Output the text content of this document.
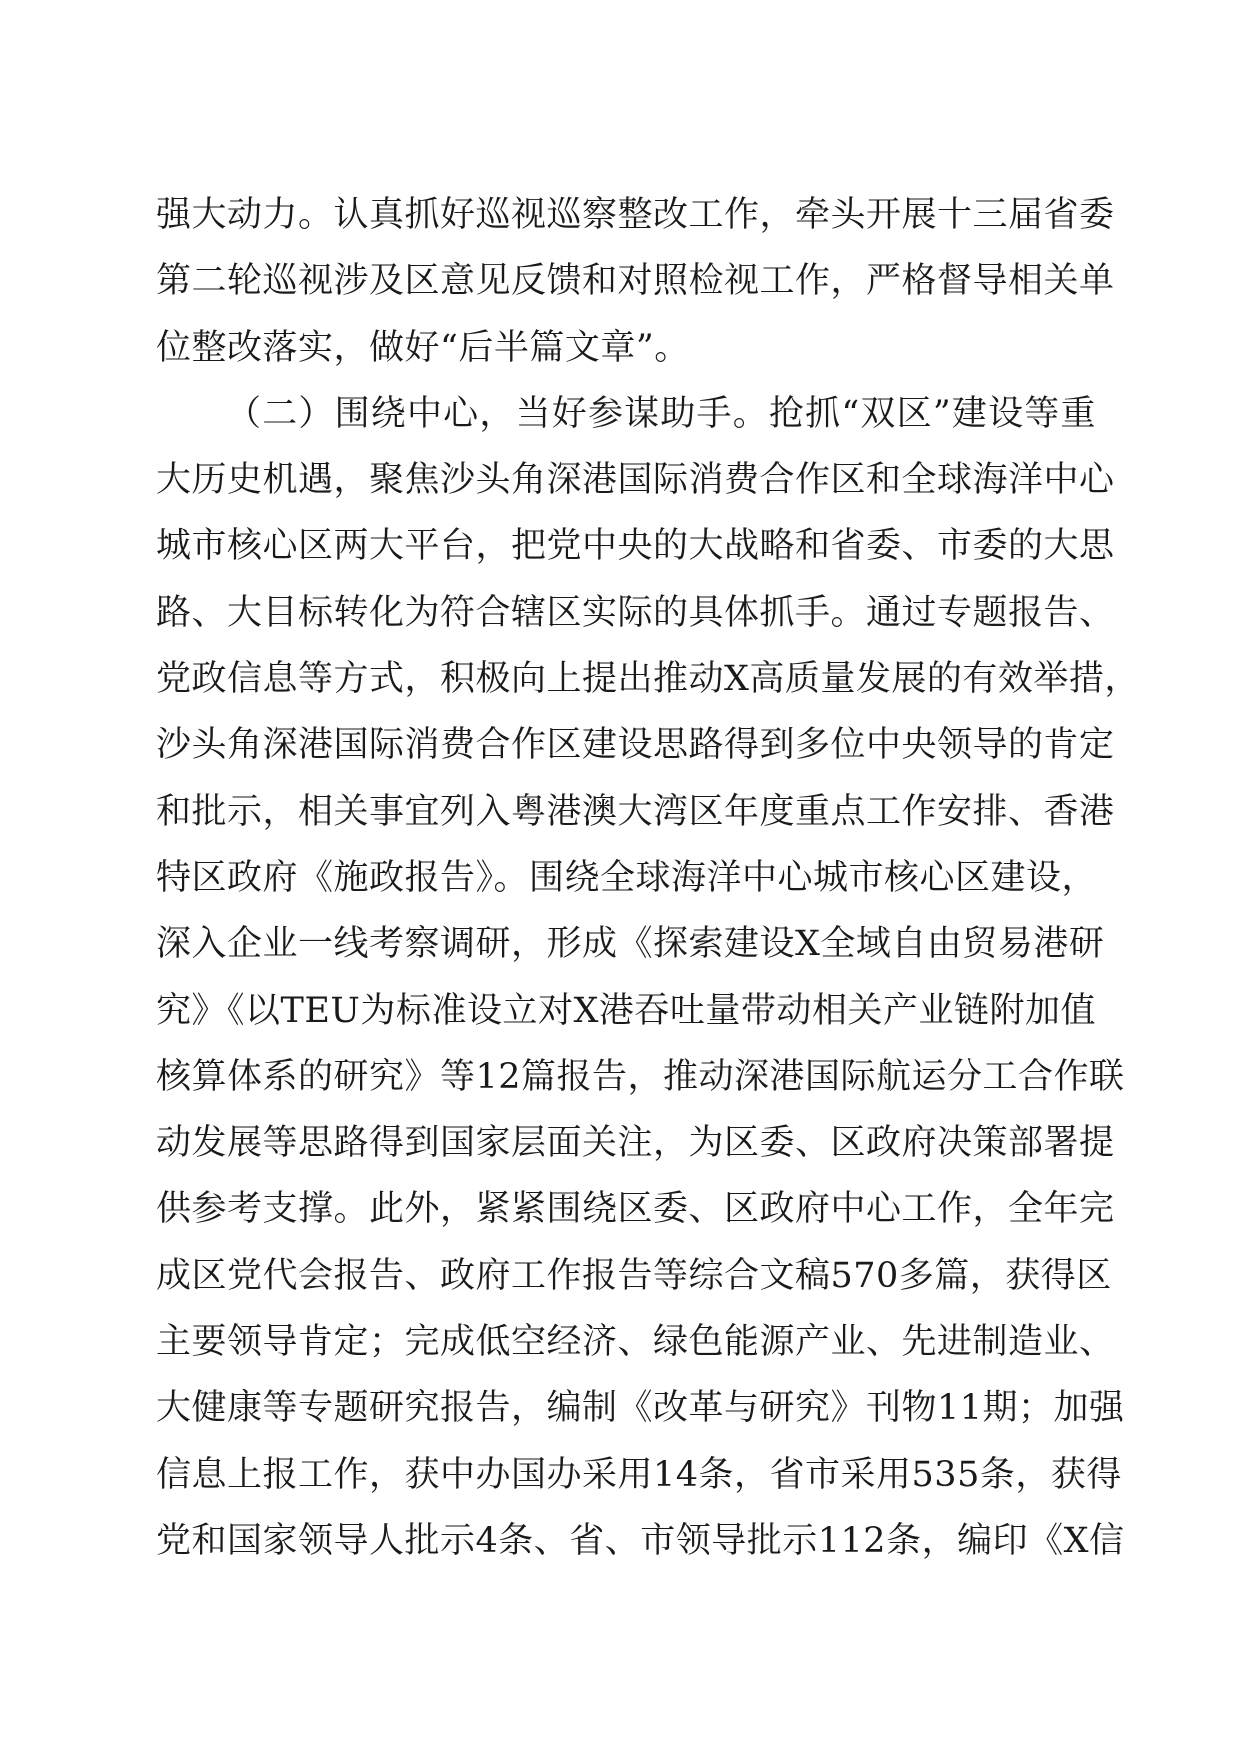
强大动力。认真抓好巡视巡察整改工作，牵头开展十三届省委
第二轮巡视涉及区意见反馈和对照检视工作，严格督导相关单
位整改落实，做好“后半篇文章”。
（二）围绕中心，当好参谋助手。抢抓“双区”建设等重
大历史机遇，聚焦沙头角深港国际消费合作区和全球海洋中心
城市核心区两大平台，把党中央的大战略和省委、市委的大思
路、大目标转化为符合辖区实际的具体抓手。通过专题报告、
党政信息等方式，积极向上提出推动X高质量发展的有效举措，
沙头角深港国际消费合作区建设思路得到多位中央领导的肯定
和批示，相关事宜列入粤港澳大湾区年度重点工作安排、香港
特区政府《施政报告》。围绕全球海洋中心城市核心区建设，
深入企业一线考察调研，形成《探索建设X全域自由贸易港研
究》《以TEU为标准设立对X港吞吐量带动相关产业链附加值
核算体系的研究》等12篇报告，推动深港国际航运分工合作联
动发展等思路得到国家层面关注，为区委、区政府决策部署提
供参考支撑。此外，紧紧围绕区委、区政府中心工作，全年完
成区党代会报告、政府工作报告等综合文稿570多篇，获得区
主要领导肯定；完成低空经济、绿色能源产业、先进制造业、
大健康等专题研究报告，编制《改革与研究》刊物11期；加强
信息上报工作，获中办国办采用14条，省市采用535条，获得
党和国家领导人批示4条、省、市领导批示112条，编印《X信
